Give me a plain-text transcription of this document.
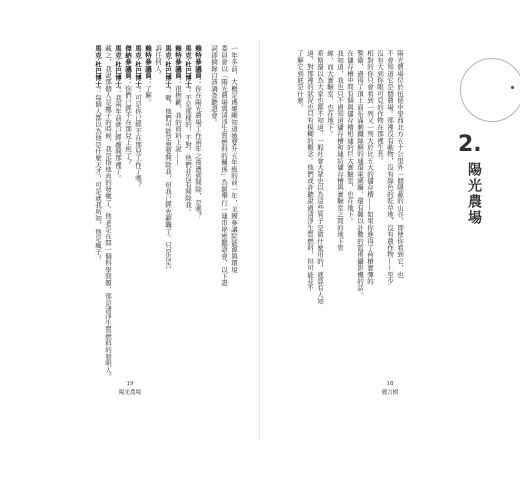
一年多前，大概是瑪姬剛知道她要升五年級的前一年，美國參議院能源與環境
委員會以「陽光農場與清淨生質燃料的關係」為題舉行一連串祕密聽證會，以下證
詞即摘錄自該調查聽證會。
賴特參議員：你在陽光農場工作兩年之後遭到開除，是嗎？
馬克‧杜巴博士：不是那樣的，不對。他們並沒有開除我。
賴特參議員：很抱歉，我的資料上說——
馬克‧杜巴博士：喔，他們可能是想要開除我，但我已經先辭職了。只是沒告
訴任何人。
賴特參議員：了解。
馬克‧杜巴博士：可是你已經不在那兒工作了嗎？
傑納參議員：你們已經不在那兒上班了？
馬克‧杜巴博士：我兩年前就已經離開那裡了。
藏之，我說那個人是瘋子的時候，我是指他真的發瘋了。他老是在問一個科學問題，那是清淨生質燃料的發明人。
馬克‧杜巴博士：每個人都以為他是什麼天才，可是就我所知，他是瘋子！
19
陽光農場
2.
陽光農場
陽光農場位於伍德中學西北方五十公里外一個隱蔽的山谷，即使你看到它，也
不會知道它是個農場。那裡沒有動物，沒有綠色的乾草地，沒有農作物——至少
沒有大到你眼可見的作物在那裡生長。
相對的你只會看到一列又一列大於比五大的儲存槽——如果你進得了荷槍實彈的
警衛，過得了頂上面布滿刺鐵絲網的連環電圍籬，還有難以計數的監視攝影機的話。
在儲存槽中間有個與儲存槽相連的巨大實驗室，也在地下。
我知道，我也只不過知道儲存槽和連結儲存槽與實驗室之間的地下管
線，而大實驗室，也在地下。
希斯還以為大家也都不知道，一般社會大眾也以為這些管子是做什麼用的，就算有人知
道，對那裡的狀況也只有模糊的概念。他們或許聽說過清淨生質燃料，但可能並不
了解它到底是什麼。
18
麗言樹
